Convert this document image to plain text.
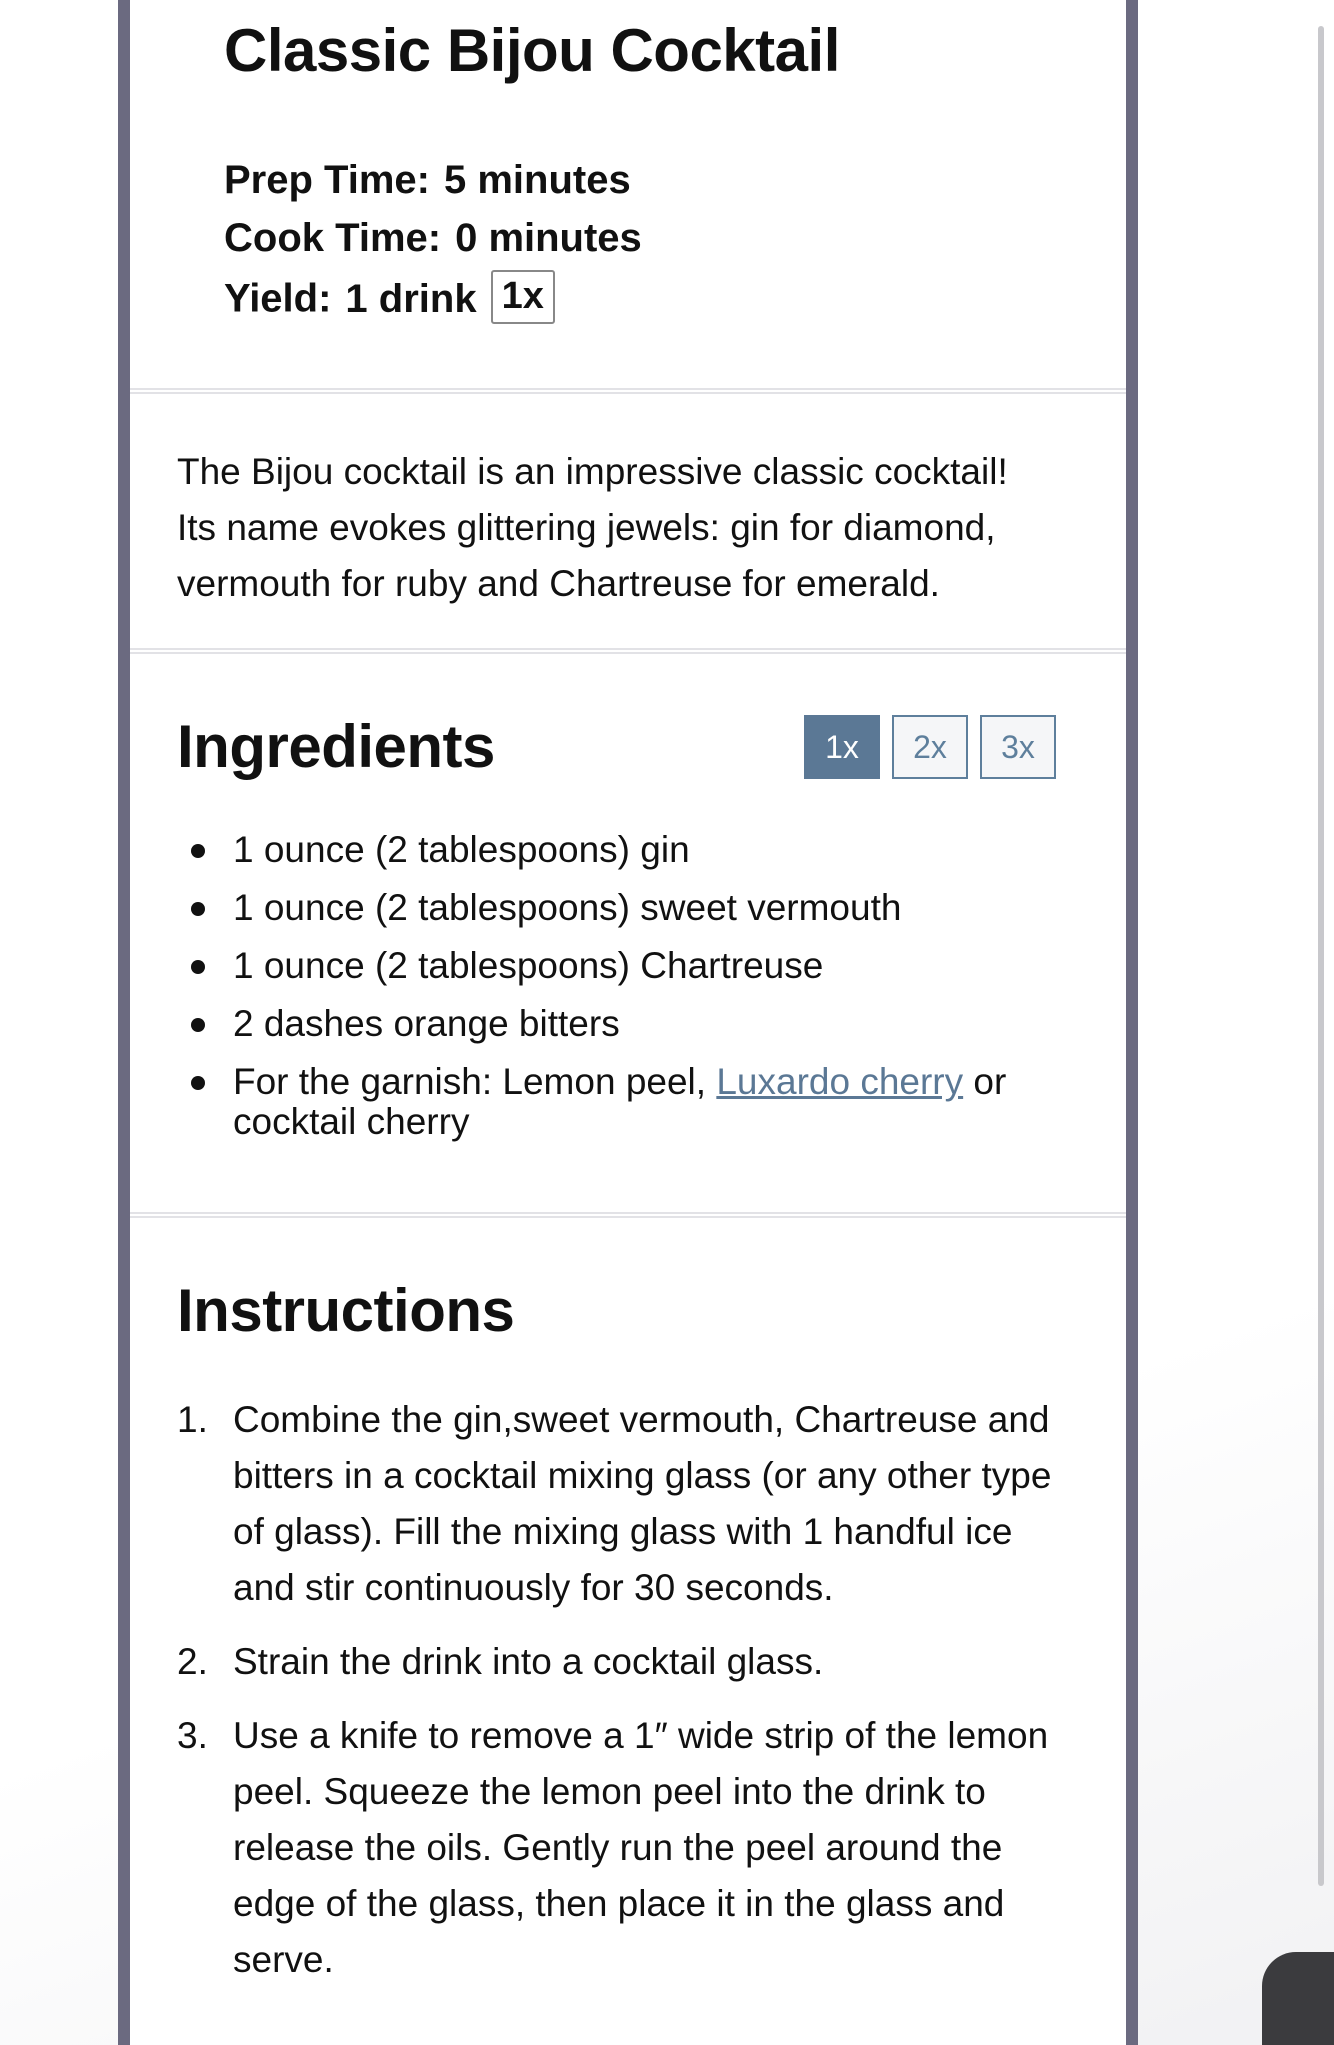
Classic Bijou Cocktail
Prep Time: 5 minutes
Cook Time: 0 minutes
Yield: 1 drink 1x

The Bijou cocktail is an impressive classic cocktail! Its name evokes glittering jewels: gin for diamond, vermouth for ruby and Chartreuse for emerald.

Ingredients	1x	2x	3x
1 ounce (2 tablespoons) gin
1 ounce (2 tablespoons) sweet vermouth
1 ounce (2 tablespoons) Chartreuse
2 dashes orange bitters
For the garnish: Lemon peel, Luxardo cherry or cocktail cherry
Instructions
1. Combine the gin,sweet vermouth, Chartreuse and bitters in a cocktail mixing glass (or any other type of glass). Fill the mixing glass with 1 handful ice and stir continuously for 30 seconds.
2. Strain the drink into a cocktail glass.
3. Use a knife to remove a 1″ wide strip of the lemon peel. Squeeze the lemon peel into the drink to release the oils. Gently run the peel around the edge of the glass, then place it in the glass and serve.
